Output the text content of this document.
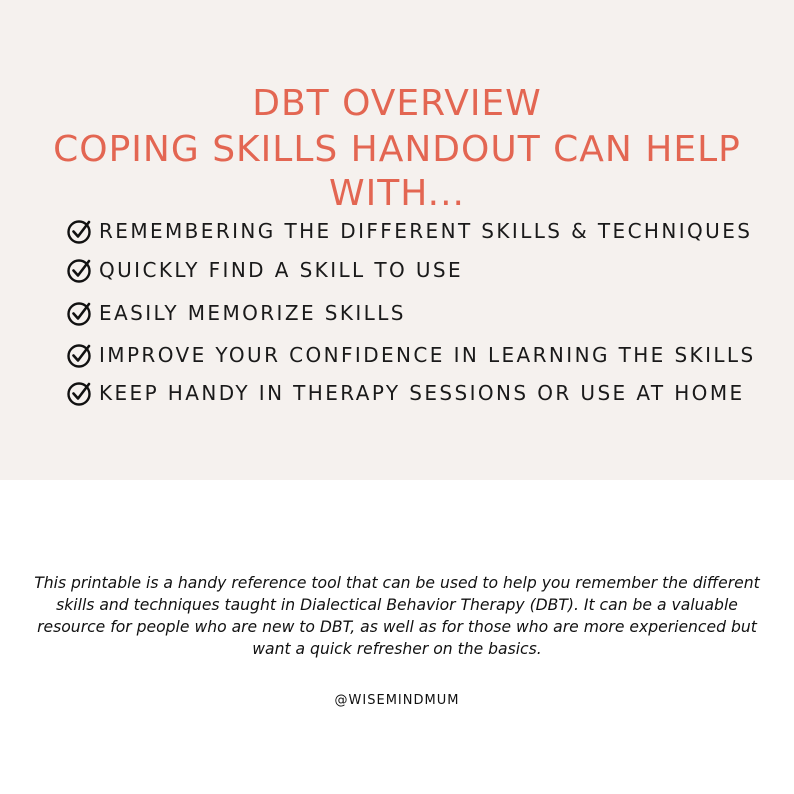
DBT OVERVIEW
COPING SKILLS HANDOUT CAN HELP WITH...
REMEMBERING THE DIFFERENT SKILLS & TECHNIQUES
QUICKLY FIND A SKILL TO USE
EASILY MEMORIZE SKILLS
IMPROVE YOUR CONFIDENCE IN LEARNING THE SKILLS
KEEP HANDY IN THERAPY SESSIONS OR USE AT HOME

This printable is a handy reference tool that can be used to help you remember the different skills and techniques taught in Dialectical Behavior Therapy (DBT). It can be a valuable resource for people who are new to DBT, as well as for those who are more experienced but want a quick refresher on the basics.

@WISEMINDMUM
